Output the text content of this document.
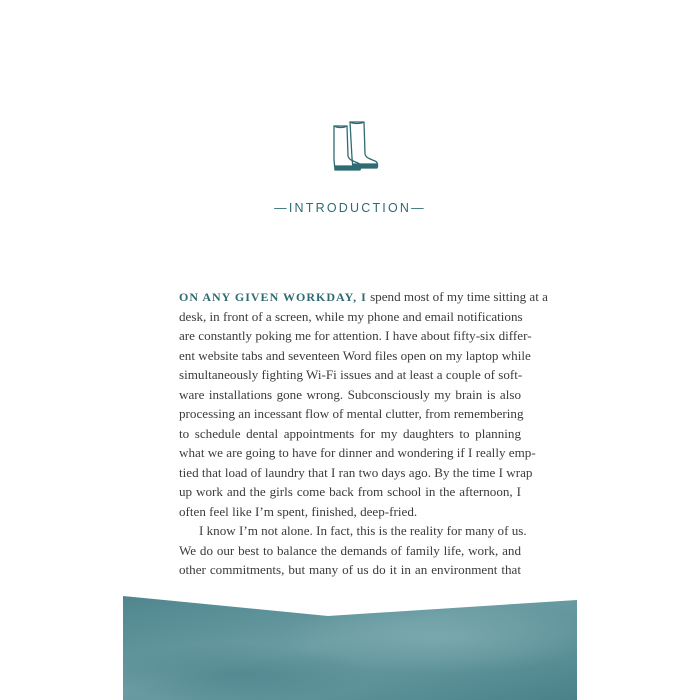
—INTRODUCTION—
ON ANY GIVEN WORKDAY, I spend most of my time sitting at a
desk, in front of a screen, while my phone and email notifications
are constantly poking me for attention. I have about fifty-six differ-
ent website tabs and seventeen Word files open on my laptop while
simultaneously fighting Wi-Fi issues and at least a couple of soft-
ware installations gone wrong. Subconsciously my brain is also
processing an incessant flow of mental clutter, from remembering
to schedule dental appointments for my daughters to planning
what we are going to have for dinner and wondering if I really emp-
tied that load of laundry that I ran two days ago. By the time I wrap
up work and the girls come back from school in the afternoon, I
often feel like I’m spent, finished, deep-fried.
I know I’m not alone. In fact, this is the reality for many of us.
We do our best to balance the demands of family life, work, and
other commitments, but many of us do it in an environment that
